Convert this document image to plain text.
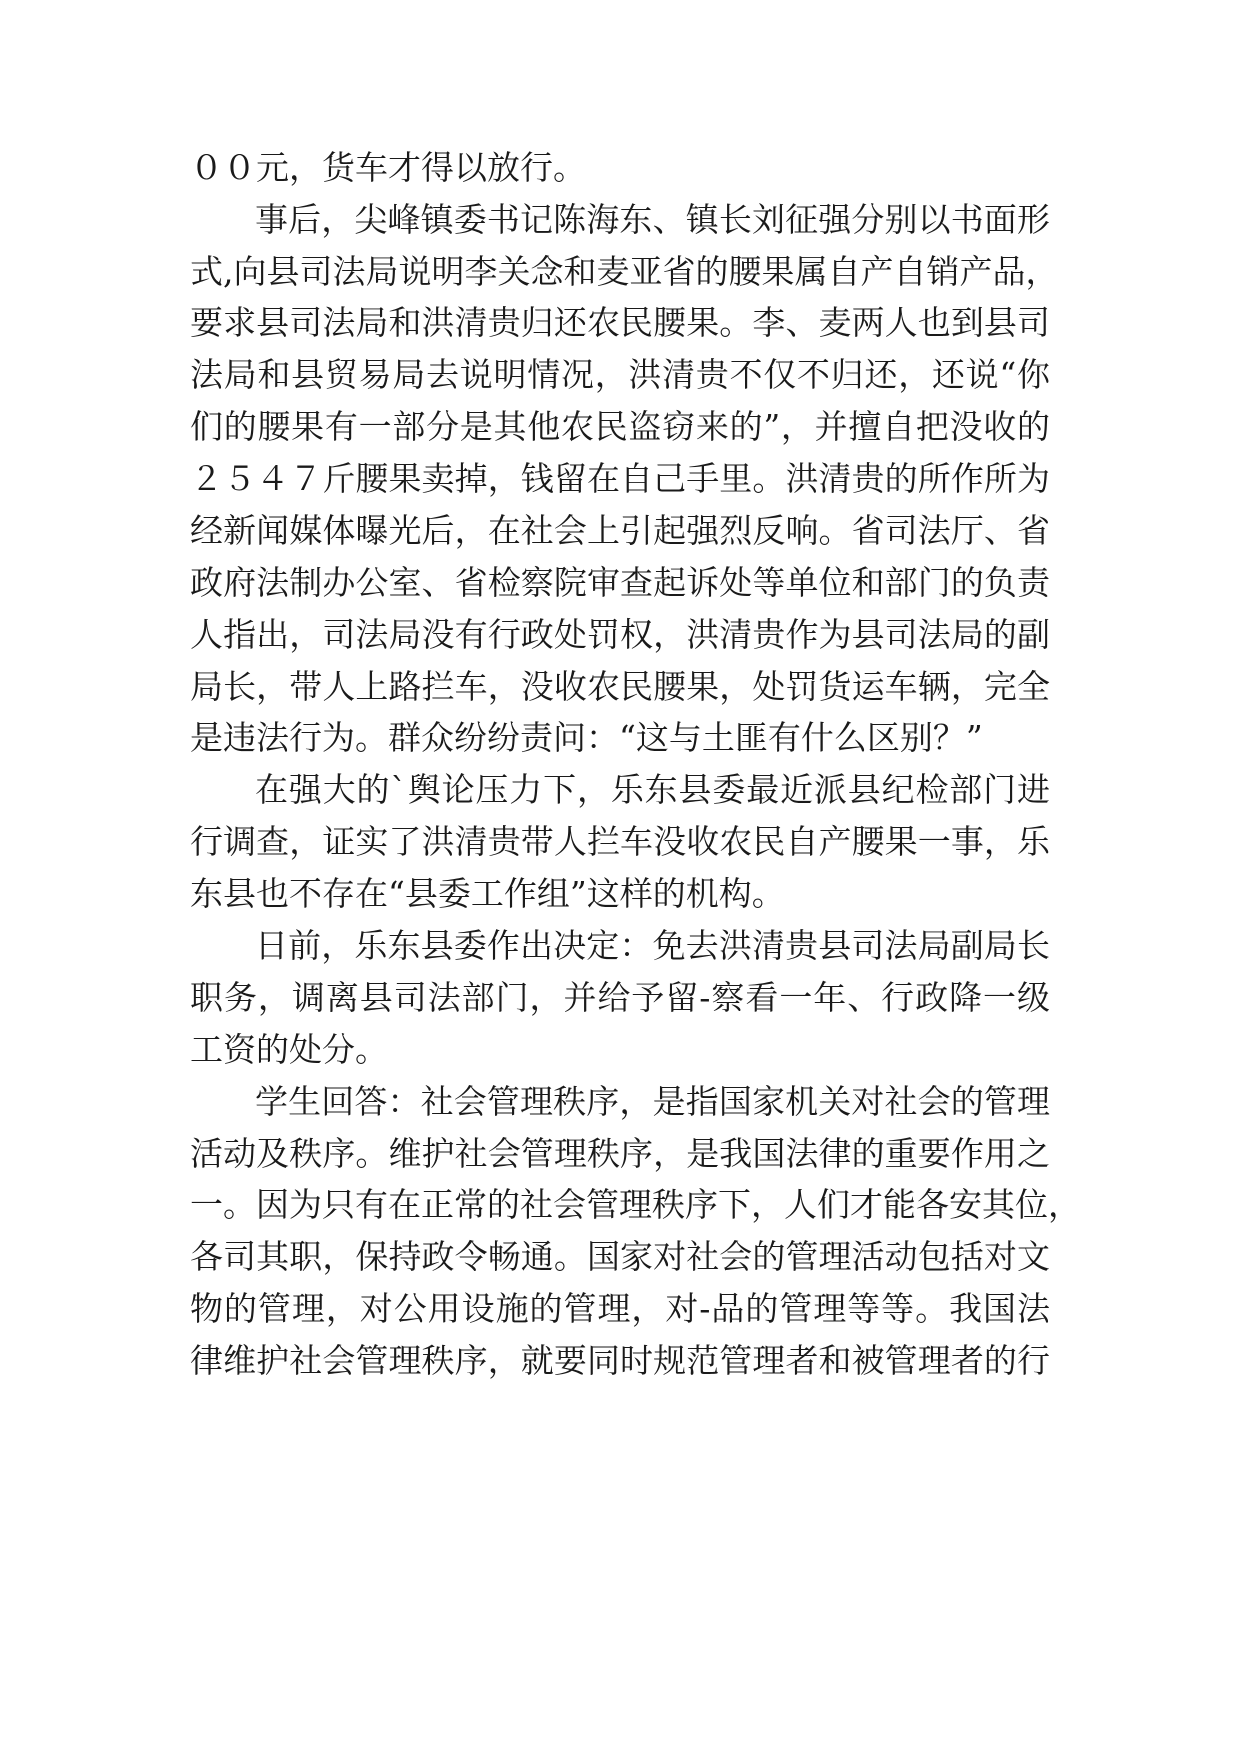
００元，货车才得以放行。
事后，尖峰镇委书记陈海东、镇长刘征强分别以书面形
式,向县司法局说明李关念和麦亚省的腰果属自产自销产品，
要求县司法局和洪清贵归还农民腰果。李、麦两人也到县司
法局和县贸易局去说明情况，洪清贵不仅不归还，还说“你
们的腰果有一部分是其他农民盗窃来的”，并擅自把没收的
２５４７斤腰果卖掉，钱留在自己手里。洪清贵的所作所为
经新闻媒体曝光后，在社会上引起强烈反响。省司法厅、省
政府法制办公室、省检察院审查起诉处等单位和部门的负责
人指出，司法局没有行政处罚权，洪清贵作为县司法局的副
局长，带人上路拦车，没收农民腰果，处罚货运车辆，完全
是违法行为。群众纷纷责问：“这与土匪有什么区别？”
在强大的`舆论压力下，乐东县委最近派县纪检部门进
行调查，证实了洪清贵带人拦车没收农民自产腰果一事，乐
东县也不存在“县委工作组”这样的机构。
日前，乐东县委作出决定：免去洪清贵县司法局副局长
职务，调离县司法部门，并给予留-察看一年、行政降一级
工资的处分。
学生回答：社会管理秩序，是指国家机关对社会的管理
活动及秩序。维护社会管理秩序，是我国法律的重要作用之
一。因为只有在正常的社会管理秩序下，人们才能各安其位，
各司其职，保持政令畅通。国家对社会的管理活动包括对文
物的管理，对公用设施的管理，对-品的管理等等。我国法
律维护社会管理秩序，就要同时规范管理者和被管理者的行
